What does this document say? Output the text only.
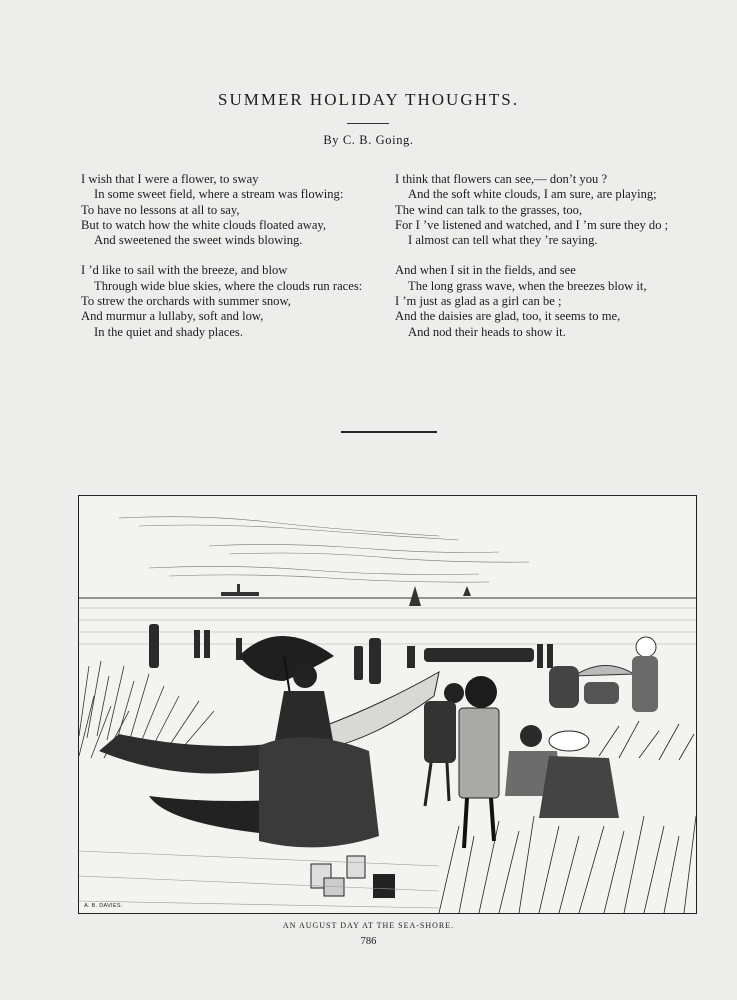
SUMMER HOLIDAY THOUGHTS.
By C. B. Going.
I wish that I were a flower, to sway
In some sweet field, where a stream was flowing:
To have no lessons at all to say,
But to watch how the white clouds floated away,
And sweetened the sweet winds blowing.
I ’d like to sail with the breeze, and blow
Through wide blue skies, where the clouds run races:
To strew the orchards with summer snow,
And murmur a lullaby, soft and low,
In the quiet and shady places.
I think that flowers can see,— don’t you ?
And the soft white clouds, I am sure, are playing;
The wind can talk to the grasses, too,
For I ’ve listened and watched, and I ’m sure they do ;
I almost can tell what they ’re saying.
And when I sit in the fields, and see
The long grass wave, when the breezes blow it,
I ’m just as glad as a girl can be ;
And the daisies are glad, too, it seems to me,
And nod their heads to show it.
A. B. DAVIES.
AN AUGUST DAY AT THE SEA-SHORE.
786
